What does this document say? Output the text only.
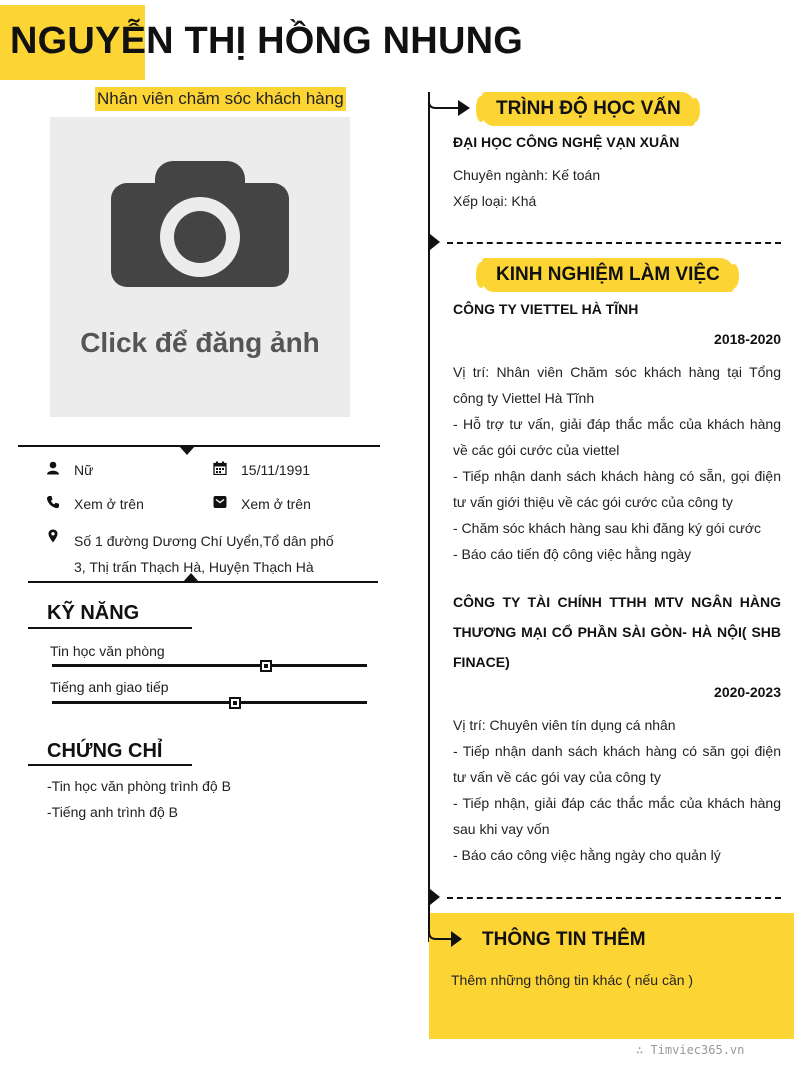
NGUYỄN THỊ HỒNG NHUNG
Nhân viên chăm sóc khách hàng
Click để đăng ảnh
Nữ	15/11/1991
Xem ở trên	Xem ở trên
Số 1 đường Dương Chí Uyển,Tổ dân phố 3, Thị trấn Thạch Hà, Huyện Thạch Hà
KỸ NĂNG
Tin học văn phòng
Tiếng anh giao tiếp
CHỨNG CHỈ
-Tin học văn phòng trình độ B
-Tiếng anh trình độ B
TRÌNH ĐỘ HỌC VẤN
ĐẠI HỌC CÔNG NGHỆ VẠN XUÂN
Chuyên ngành: Kế toán
Xếp loại: Khá
KINH NGHIỆM LÀM VIỆC
CÔNG TY VIETTEL HÀ TĨNH
2018-2020
Vị trí: Nhân viên Chăm sóc khách hàng tại Tổng công ty Viettel Hà Tĩnh
- Hỗ trợ tư vấn, giải đáp thắc mắc của khách hàng về các gói cước của viettel
- Tiếp nhận danh sách khách hàng có sẵn, gọi điện tư vấn giới thiệu về các gói cước của công ty
- Chăm sóc khách hàng sau khi đăng ký gói cước
- Báo cáo tiến độ công việc hằng ngày
CÔNG TY TÀI CHÍNH TTHH MTV NGÂN HÀNG THƯƠNG MẠI CỔ PHẦN SÀI GÒN- HÀ NỘI( SHB FINACE)
2020-2023
Vị trí: Chuyên viên tín dụng cá nhân
- Tiếp nhận danh sách khách hàng có săn gọi điện tư vấn về các gói vay của công ty
- Tiếp nhận, giải đáp các thắc mắc của khách hàng sau khi vay vốn
- Báo cáo công việc hằng ngày cho quản lý
THÔNG TIN THÊM
Thêm những thông tin khác ( nếu cần )
∴ Timviec365.vn
